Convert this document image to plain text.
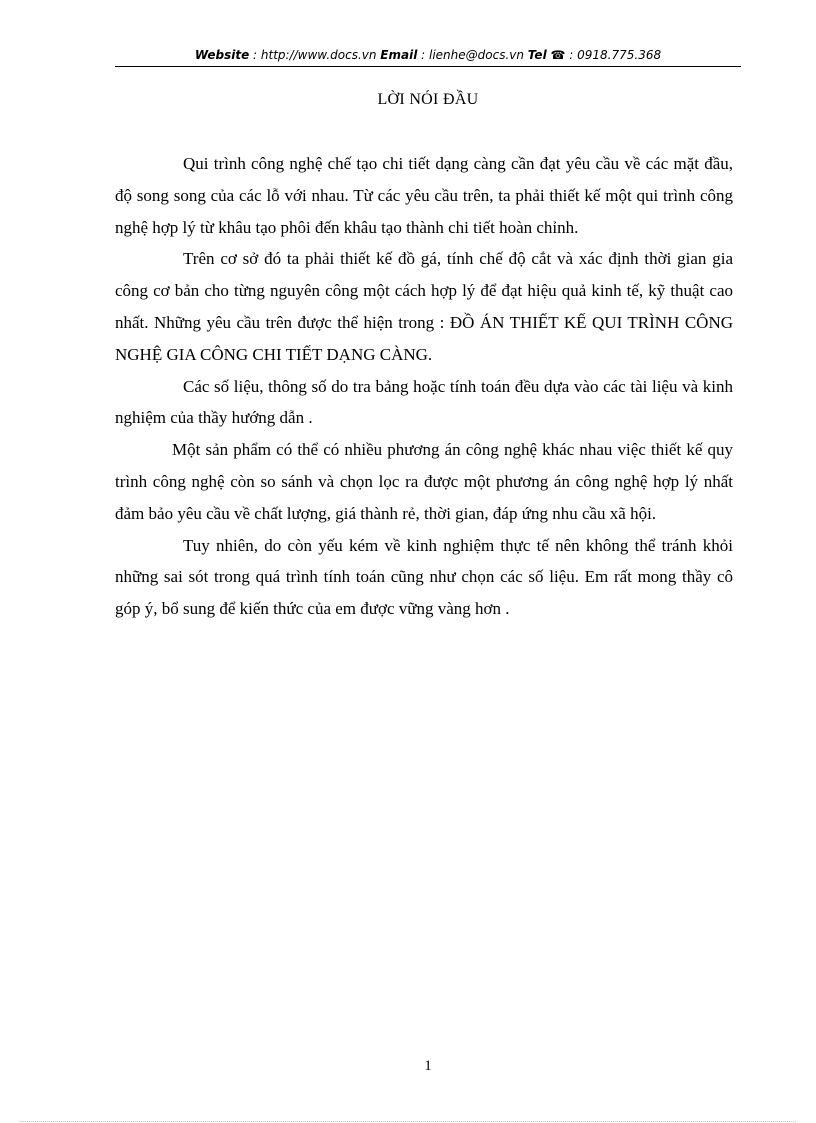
Website : http://www.docs.vn Email : lienhe@docs.vn Tel ☎ : 0918.775.368
LỜI NÓI ĐẦU

Qui trình công nghệ chế tạo chi tiết dạng càng cần đạt yêu cầu về các mặt đầu, độ song song của các lỗ với nhau. Từ các yêu cầu trên, ta phải thiết kế một qui trình công nghệ hợp lý từ khâu tạo phôi đến khâu tạo thành chi tiết hoàn chỉnh.

Trên cơ sở đó ta phải thiết kế đồ gá, tính chế độ cắt và xác định thời gian gia công cơ bản cho từng nguyên công một cách hợp lý để đạt hiệu quả kinh tế, kỹ thuật cao nhất. Những yêu cầu trên được thể hiện trong : ĐỒ ÁN THIẾT KẾ QUI TRÌNH CÔNG NGHỆ GIA CÔNG CHI TIẾT DẠNG CÀNG.

Các số liệu, thông số do tra bảng hoặc tính toán đều dựa vào các tài liệu và kinh nghiệm của thầy hướng dẫn .

Một sản phẩm có thể có nhiều phương án công nghệ khác nhau việc thiết kế quy trình công nghệ còn so sánh và chọn lọc ra được một phương án công nghệ hợp lý nhất đảm bảo yêu cầu về chất lượng, giá thành rẻ, thời gian, đáp ứng nhu cầu xã hội.

Tuy nhiên, do còn yếu kém về kinh nghiệm thực tế nên không thể tránh khỏi những sai sót trong quá trình tính toán cũng như chọn các số liệu. Em rất mong thầy cô góp ý, bổ sung để kiến thức của em được vững vàng hơn .

1
